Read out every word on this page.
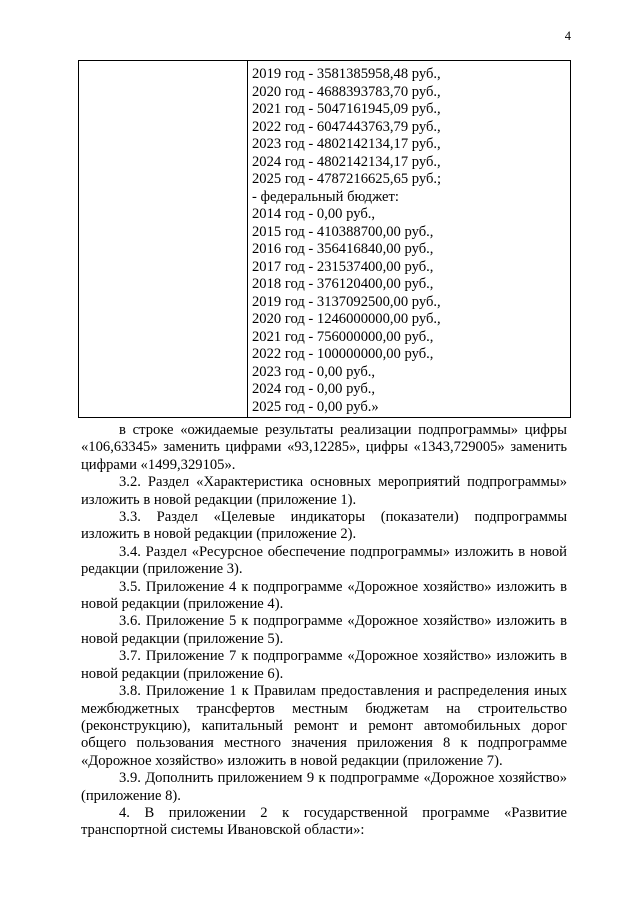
4

2019 год - 3581385958,48 руб.,
2020 год - 4688393783,70 руб.,
2021 год - 5047161945,09 руб.,
2022 год - 6047443763,79 руб.,
2023 год - 4802142134,17 руб.,
2024 год - 4802142134,17 руб.,
2025 год - 4787216625,65 руб.;
- федеральный бюджет:
2014 год - 0,00 руб.,
2015 год - 410388700,00 руб.,
2016 год - 356416840,00 руб.,
2017 год - 231537400,00 руб.,
2018 год - 376120400,00 руб.,
2019 год - 3137092500,00 руб.,
2020 год - 1246000000,00 руб.,
2021 год - 756000000,00 руб.,
2022 год - 100000000,00 руб.,
2023 год - 0,00 руб.,
2024 год - 0,00 руб.,
2025 год - 0,00 руб.»

в строке «ожидаемые результаты реализации подпрограммы» цифры «106,63345» заменить цифрами «93,12285», цифры «1343,729005» заменить цифрами «1499,329105».

3.2. Раздел «Характеристика основных мероприятий подпрограммы» изложить в новой редакции (приложение 1).

3.3. Раздел «Целевые индикаторы (показатели) подпрограммы изложить в новой редакции (приложение 2).

3.4. Раздел «Ресурсное обеспечение подпрограммы» изложить в новой редакции (приложение 3).

3.5. Приложение 4 к подпрограмме «Дорожное хозяйство» изложить в новой редакции (приложение 4).

3.6. Приложение 5 к подпрограмме «Дорожное хозяйство» изложить в новой редакции (приложение 5).

3.7. Приложение 7 к подпрограмме «Дорожное хозяйство» изложить в новой редакции (приложение 6).

3.8. Приложение 1 к Правилам предоставления и распределения иных межбюджетных трансфертов местным бюджетам на строительство (реконструкцию), капитальный ремонт и ремонт автомобильных дорог общего пользования местного значения приложения 8 к подпрограмме «Дорожное хозяйство» изложить в новой редакции (приложение 7).

3.9. Дополнить приложением 9 к подпрограмме «Дорожное хозяйство» (приложение 8).

4. В приложении 2 к государственной программе «Развитие транспортной системы Ивановской области»:
